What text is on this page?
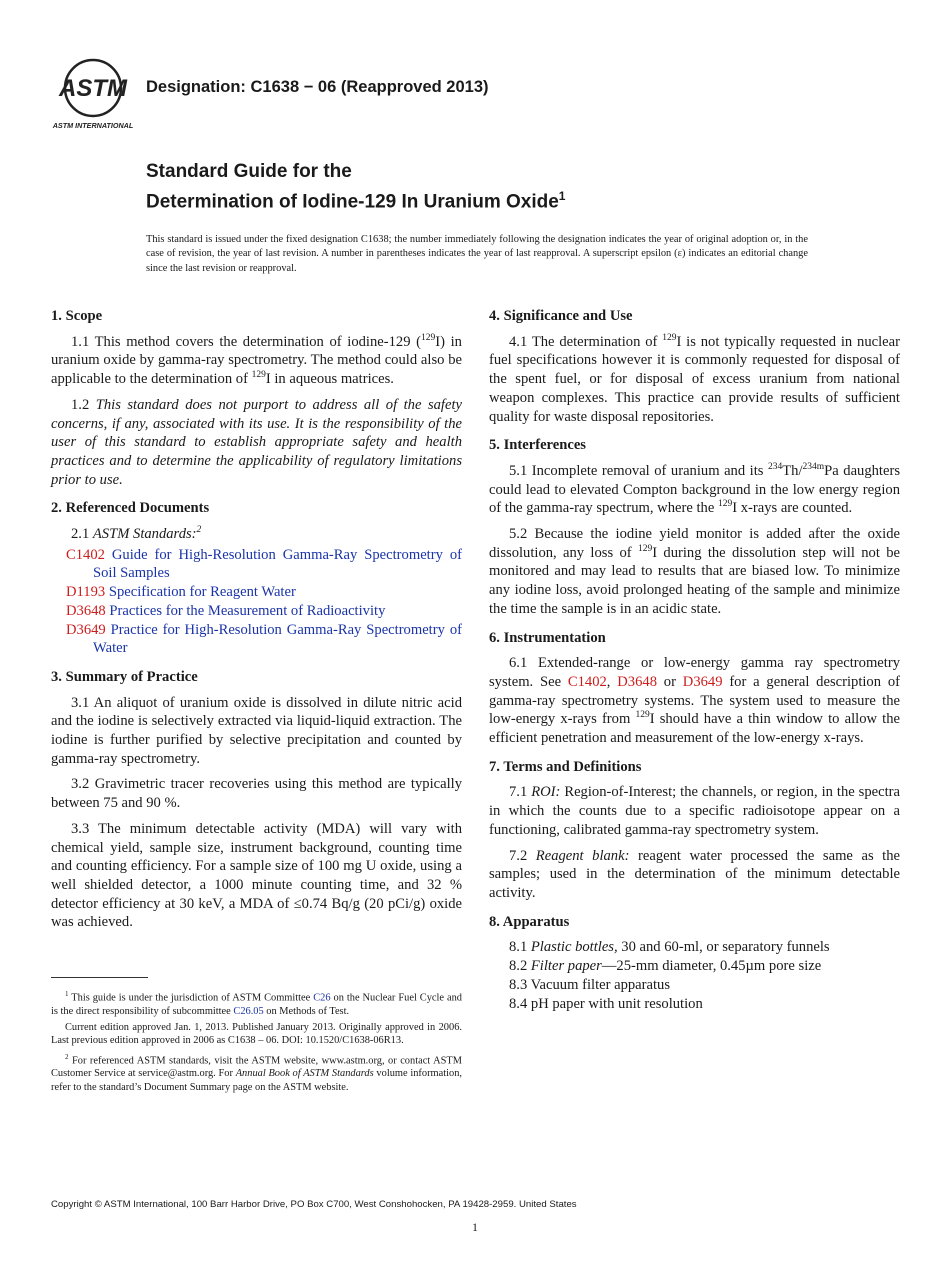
ASTM
ASTM INTERNATIONAL
Designation: C1638 − 06 (Reapproved 2013)
Standard Guide for the
Determination of Iodine-129 In Uranium Oxide$^1$
This standard is issued under the fixed designation C1638; the number immediately following the designation indicates the year of original adoption or, in the case of revision, the year of last revision. A number in parentheses indicates the year of last reapproval. A superscript epsilon (ε) indicates an editorial change since the last revision or reapproval.
1. Scope

1.1 This method covers the determination of iodine-129 ($^{129}$I) in uranium oxide by gamma-ray spectrometry. The method could also be applicable to the determination of $^{129}$I in aqueous matrices.

1.2 This standard does not purport to address all of the safety concerns, if any, associated with its use. It is the responsibility of the user of this standard to establish appropriate safety and health practices and to determine the applicability of regulatory limitations prior to use.

2. Referenced Documents

2.1 ASTM Standards:$^2$

C1402 Guide for High-Resolution Gamma-Ray Spectrometry of Soil Samples

D1193 Specification for Reagent Water

D3648 Practices for the Measurement of Radioactivity

D3649 Practice for High-Resolution Gamma-Ray Spectrometry of Water

3. Summary of Practice

3.1 An aliquot of uranium oxide is dissolved in dilute nitric acid and the iodine is selectively extracted via liquid-liquid extraction. The iodine is further purified by selective precipitation and counted by gamma-ray spectrometry.

3.2 Gravimetric tracer recoveries using this method are typically between 75 and 90 %.

3.3 The minimum detectable activity (MDA) will vary with chemical yield, sample size, instrument background, counting time and counting efficiency. For a sample size of 100 mg U oxide, using a well shielded detector, a 1000 minute counting time, and 32 % detector efficiency at 30 keV, a MDA of ≤0.74 Bq/g (20 pCi/g) oxide was achieved.

4. Significance and Use

4.1 The determination of $^{129}$I is not typically requested in nuclear fuel specifications however it is commonly requested for disposal of the spent fuel, or for disposal of excess uranium from national weapon complexes. This practice can provide results of sufficient quality for waste disposal repositories.

5. Interferences

5.1 Incomplete removal of uranium and its $^{234}$Th/$^{234m}$Pa daughters could lead to elevated Compton background in the low energy region of the gamma-ray spectrum, where the $^{129}$I x-rays are counted.

5.2 Because the iodine yield monitor is added after the oxide dissolution, any loss of $^{129}$I during the dissolution step will not be monitored and may lead to results that are biased low. To minimize any iodine loss, avoid prolonged heating of the sample and minimize the time the sample is in an acidic state.

6. Instrumentation

6.1 Extended-range or low-energy gamma ray spectrometry system. See C1402, D3648 or D3649 for a general description of gamma-ray spectrometry systems. The system used to measure the low-energy x-rays from $^{129}$I should have a thin window to allow the efficient penetration and measurement of the low-energy x-rays.

7. Terms and Definitions

7.1 ROI: Region-of-Interest; the channels, or region, in the spectra in which the counts due to a specific radioisotope appear on a functioning, calibrated gamma-ray spectrometry system.

7.2 Reagent blank: reagent water processed the same as the samples; used in the determination of the minimum detectable activity.

8. Apparatus

8.1 Plastic bottles, 30 and 60-ml, or separatory funnels

8.2 Filter paper—25-mm diameter, 0.45µm pore size

8.3 Vacuum filter apparatus

8.4 pH paper with unit resolution

$^1$ This guide is under the jurisdiction of ASTM Committee C26 on the Nuclear Fuel Cycle and is the direct responsibility of subcommittee C26.05 on Methods of Test.

Current edition approved Jan. 1, 2013. Published January 2013. Originally approved in 2006. Last previous edition approved in 2006 as C1638 – 06. DOI: 10.1520/C1638-06R13.

$^2$ For referenced ASTM standards, visit the ASTM website, www.astm.org, or contact ASTM Customer Service at service@astm.org. For Annual Book of ASTM Standards volume information, refer to the standard’s Document Summary page on the ASTM website.

Copyright © ASTM International, 100 Barr Harbor Drive, PO Box C700, West Conshohocken, PA 19428-2959. United States
1
